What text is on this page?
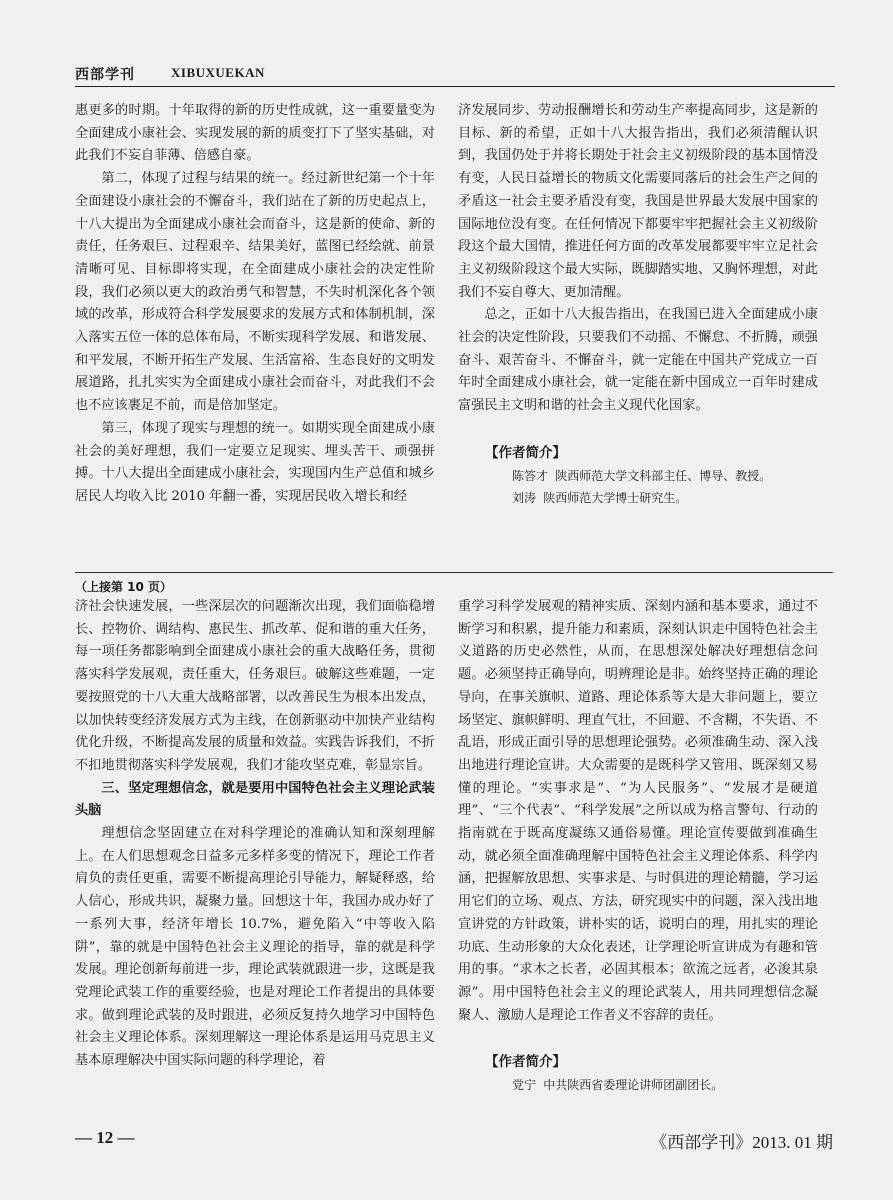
西部学刊	XIBUXUEKAN

惠更多的时期。十年取得的新的历史性成就，这一重要量变为全面建成小康社会、实现发展的新的质变打下了坚实基础，对此我们不妄自菲薄、倍感自豪。

第二，体现了过程与结果的统一。经过新世纪第一个十年全面建设小康社会的不懈奋斗，我们站在了新的历史起点上，十八大提出为全面建成小康社会而奋斗，这是新的使命、新的责任，任务艰巨、过程艰辛、结果美好，蓝图已经绘就、前景清晰可见、目标即将实现，在全面建成小康社会的决定性阶段，我们必须以更大的政治勇气和智慧，不失时机深化各个领域的改革，形成符合科学发展要求的发展方式和体制机制，深入落实五位一体的总体布局，不断实现科学发展、和谐发展、和平发展，不断开拓生产发展、生活富裕、生态良好的文明发展道路，扎扎实实为全面建成小康社会而奋斗，对此我们不会也不应该裹足不前，而是倍加坚定。

第三，体现了现实与理想的统一。如期实现全面建成小康社会的美好理想，我们一定要立足现实、埋头苦干、顽强拼搏。十八大提出全面建成小康社会，实现国内生产总值和城乡居民人均收入比 2010 年翻一番，实现居民收入增长和经

济发展同步、劳动报酬增长和劳动生产率提高同步，这是新的目标、新的希望，正如十八大报告指出，我们必须清醒认识到，我国仍处于并将长期处于社会主义初级阶段的基本国情没有变，人民日益增长的物质文化需要同落后的社会生产之间的矛盾这一社会主要矛盾没有变，我国是世界最大发展中国家的国际地位没有变。在任何情况下都要牢牢把握社会主义初级阶段这个最大国情，推进任何方面的改革发展都要牢牢立足社会主义初级阶段这个最大实际，既脚踏实地、又胸怀理想，对此我们不妄自尊大、更加清醒。

总之，正如十八大报告指出，在我国已进入全面建成小康社会的决定性阶段，只要我们不动摇、不懈怠、不折腾，顽强奋斗、艰苦奋斗、不懈奋斗，就一定能在中国共产党成立一百年时全面建成小康社会，就一定能在新中国成立一百年时建成富强民主文明和谐的社会主义现代化国家。

【作者简介】

陈答才 陕西师范大学文科部主任、博导、教授。

刘涛 陕西师范大学博士研究生。

（上接第 10 页）

济社会快速发展，一些深层次的问题渐次出现，我们面临稳增长、控物价、调结构、惠民生、抓改革、促和谐的重大任务，每一项任务都影响到全面建成小康社会的重大战略任务，贯彻落实科学发展观，责任重大，任务艰巨。破解这些难题，一定要按照党的十八大重大战略部署，以改善民生为根本出发点，以加快转变经济发展方式为主线，在创新驱动中加快产业结构优化升级，不断提高发展的质量和效益。实践告诉我们，不折不扣地贯彻落实科学发展观，我们才能攻坚克难，彰显宗旨。

三、坚定理想信念，就是要用中国特色社会主义理论武装头脑

理想信念坚固建立在对科学理论的准确认知和深刻理解上。在人们思想观念日益多元多样多变的情况下，理论工作者肩负的责任更重，需要不断提高理论引导能力，解疑释惑，给人信心，形成共识，凝聚力量。回想这十年，我国办成办好了一系列大事，经济年增长 10.7%，避免陷入“中等收入陷阱”，靠的就是中国特色社会主义理论的指导，靠的就是科学发展。理论创新每前进一步，理论武装就跟进一步，这既是我党理论武装工作的重要经验，也是对理论工作者提出的具体要求。做到理论武装的及时跟进，必须反复持久地学习中国特色社会主义理论体系。深刻理解这一理论体系是运用马克思主义基本原理解决中国实际问题的科学理论，着

重学习科学发展观的精神实质、深刻内涵和基本要求，通过不断学习和积累，提升能力和素质，深刻认识走中国特色社会主义道路的历史必然性，从而，在思想深处解决好理想信念问题。必须坚持正确导向，明辨理论是非。始终坚持正确的理论导向，在事关旗帜、道路、理论体系等大是大非问题上，要立场坚定、旗帜鲜明、理直气壮，不回避、不含糊，不失语、不乱语，形成正面引导的思想理论强势。必须准确生动、深入浅出地进行理论宣讲。大众需要的是既科学又管用、既深刻又易懂的理论。“实事求是”、“为人民服务”、“发展才是硬道理”、“三个代表”、“科学发展”之所以成为格言警句、行动的指南就在于既高度凝练又通俗易懂。理论宣传要做到准确生动，就必须全面准确理解中国特色社会主义理论体系、科学内涵，把握解放思想、实事求是、与时俱进的理论精髓，学习运用它们的立场、观点、方法，研究现实中的问题，深入浅出地宣讲党的方针政策，讲朴实的话，说明白的理，用扎实的理论功底、生动形象的大众化表述，让学理论听宣讲成为有趣和管用的事。“求木之长者，必固其根本；欲流之远者，必浚其泉源”。用中国特色社会主义的理论武装人，用共同理想信念凝聚人、激励人是理论工作者义不容辞的责任。

【作者简介】

党宁 中共陕西省委理论讲师团副团长。

— 12 —	《西部学刊》2013. 01 期
